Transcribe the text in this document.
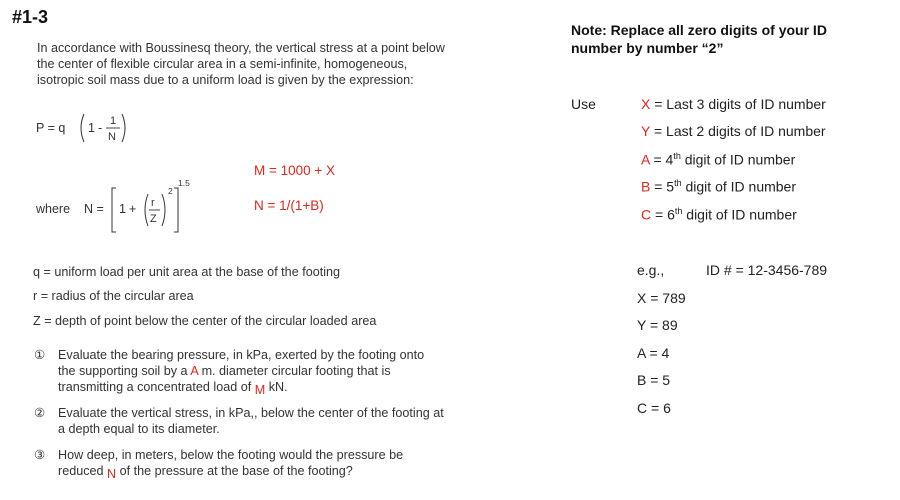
#1-3
In accordance with Boussinesq theory, the vertical stress at a point below
the center of flexible circular area in a semi-infinite, homogeneous,
isotropic soil mass due to a uniform load is given by the expression:
P = q 1 - 1
N
where N = 1 + r
Z
2
1.5
M = 1000 + X
N = 1/(1+B)
q = uniform load per unit area at the base of the footing
r = radius of the circular area
Z = depth of point below the center of the circular loaded area
① Evaluate the bearing pressure, in kPa, exerted by the footing onto
the supporting soil by a A m. diameter circular footing that is
transmitting a concentrated load of M kN.
② Evaluate the vertical stress, in kPa,, below the center of the footing at
a depth equal to its diameter.
③ How deep, in meters, below the footing would the pressure be
reduced N of the pressure at the base of the footing?
Note: Replace all zero digits of your ID
number by number “2”
Use	X = Last 3 digits of ID number
Y = Last 2 digits of ID number
A = 4th digit of ID number
B = 5th digit of ID number
C = 6th digit of ID number
e.g.,	ID # = 12-3456-789
X = 789
Y = 89
A = 4
B = 5
C = 6
